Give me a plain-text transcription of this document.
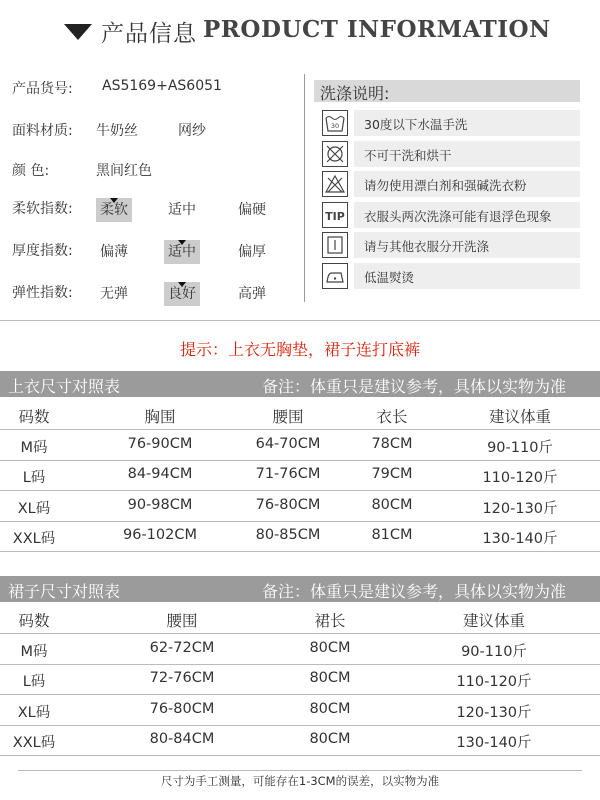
产品信息 PRODUCT INFORMATION
产品货号: AS5169+AS6051
面料材质: 牛奶丝	网纱
颜 色:	黑间红色
柔软指数: 柔软	适中	偏硬
厚度指数: 偏薄	适中	偏厚
弹性指数: 无弹	良好	高弹
洗涤说明:
30 30度以下水温手洗
不可干洗和烘干
请勿使用漂白剂和强碱洗衣粉
TIP 衣服头两次洗涤可能有退浮色现象
请与其他衣服分开洗涤
低温熨烫
提示：上衣无胸垫，裙子连打底裤
上衣尺寸对照表	备注：体重只是建议参考，具体以实物为准
码数	胸围	腰围	衣长	建议体重
M码	76-90CM	64-70CM	78CM	90-110斤
L码	84-94CM	71-76CM	79CM	110-120斤
XL码	90-98CM	76-80CM	80CM	120-130斤
XXL码	96-102CM	80-85CM	81CM	130-140斤
裙子尺寸对照表	备注：体重只是建议参考，具体以实物为准
码数	腰围	裙长	建议体重
M码	62-72CM	80CM	90-110斤
L码	72-76CM	80CM	110-120斤
XL码	76-80CM	80CM	120-130斤
XXL码	80-84CM	80CM	130-140斤
尺寸为手工测量，可能存在1-3CM的误差，以实物为准
